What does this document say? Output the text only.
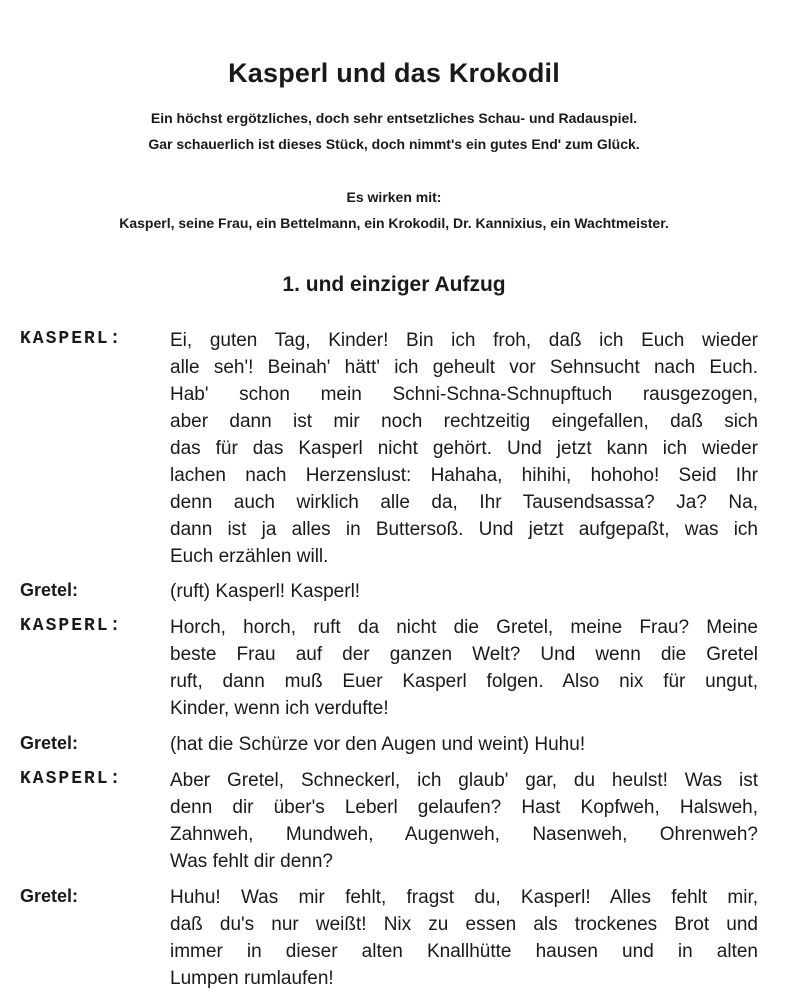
Kasperl und das Krokodil
Ein höchst ergötzliches, doch sehr entsetzliches Schau- und Radauspiel.
Gar schauerlich ist dieses Stück, doch nimmt's ein gutes End' zum Glück.
Es wirken mit:
Kasperl, seine Frau, ein Bettelmann, ein Krokodil, Dr. Kannixius, ein Wachtmeister.
1. und einziger Aufzug
KASPERL:	Ei, guten Tag, Kinder! Bin ich froh, daß ich Euch wieder
alle seh'! Beinah' hätt' ich geheult vor Sehnsucht nach Euch.
Hab' schon mein Schni-Schna-Schnupftuch rausgezogen,
aber dann ist mir noch rechtzeitig eingefallen, daß sich
das für das Kasperl nicht gehört. Und jetzt kann ich wieder
lachen nach Herzenslust: Hahaha, hihihi, hohoho! Seid Ihr
denn auch wirklich alle da, Ihr Tausendsassa? Ja? Na,
dann ist ja alles in Buttersoß. Und jetzt aufgepaßt, was ich
Euch erzählen will.
Gretel:	(ruft) Kasperl! Kasperl!
KASPERL:	Horch, horch, ruft da nicht die Gretel, meine Frau? Meine
beste Frau auf der ganzen Welt? Und wenn die Gretel
ruft, dann muß Euer Kasperl folgen. Also nix für ungut,
Kinder, wenn ich verdufte!
Gretel:	(hat die Schürze vor den Augen und weint) Huhu!
KASPERL:	Aber Gretel, Schneckerl, ich glaub' gar, du heulst! Was ist
denn dir über's Leberl gelaufen? Hast Kopfweh, Halsweh,
Zahnweh, Mundweh, Augenweh, Nasenweh, Ohrenweh?
Was fehlt dir denn?
Gretel:	Huhu! Was mir fehlt, fragst du, Kasperl! Alles fehlt mir,
daß du's nur weißt! Nix zu essen als trockenes Brot und
immer in dieser alten Knallhütte hausen und in alten
Lumpen rumlaufen!
